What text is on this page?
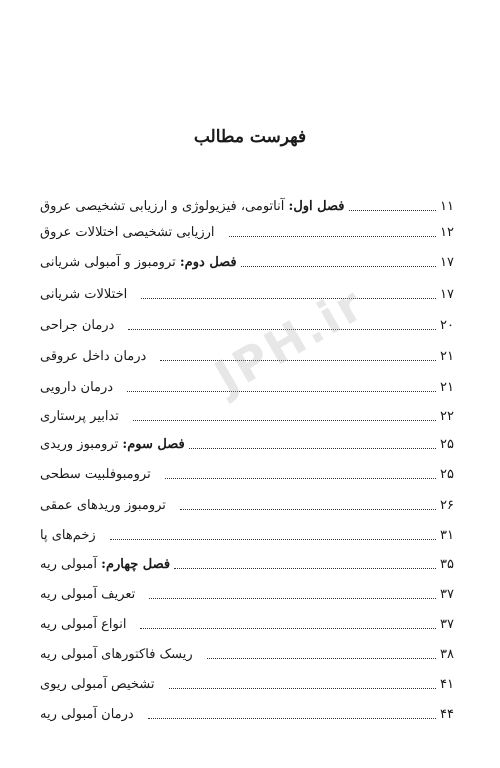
فهرست مطالب
فصل اول: آناتومی، فیزیولوژی و ارزیابی تشخیصی عروق	۱۱
ارزیابی تشخیصی اختلالات عروق	۱۲
فصل دوم: ترومبوز و آمبولی شریانی	۱۷
اختلالات شریانی	۱۷
درمان جراحی	۲۰
درمان داخل عروقی	۲۱
درمان دارویی	۲۱
تدابیر پرستاری	۲۲
فصل سوم: ترومبوز وریدی	۲۵
ترومبوفلبیت سطحی	۲۵
ترومبوز وریدهای عمقی	۲۶
زخم‌های پا	۳۱
فصل چهارم: آمبولی ریه	۳۵
تعریف آمبولی ریه	۳۷
انواع آمبولی ریه	۳۷
ریسک فاکتورهای آمبولی ریه	۳۸
تشخیص آمبولی ریوی	۴۱
درمان آمبولی ریه	۴۴
JPH.ir
